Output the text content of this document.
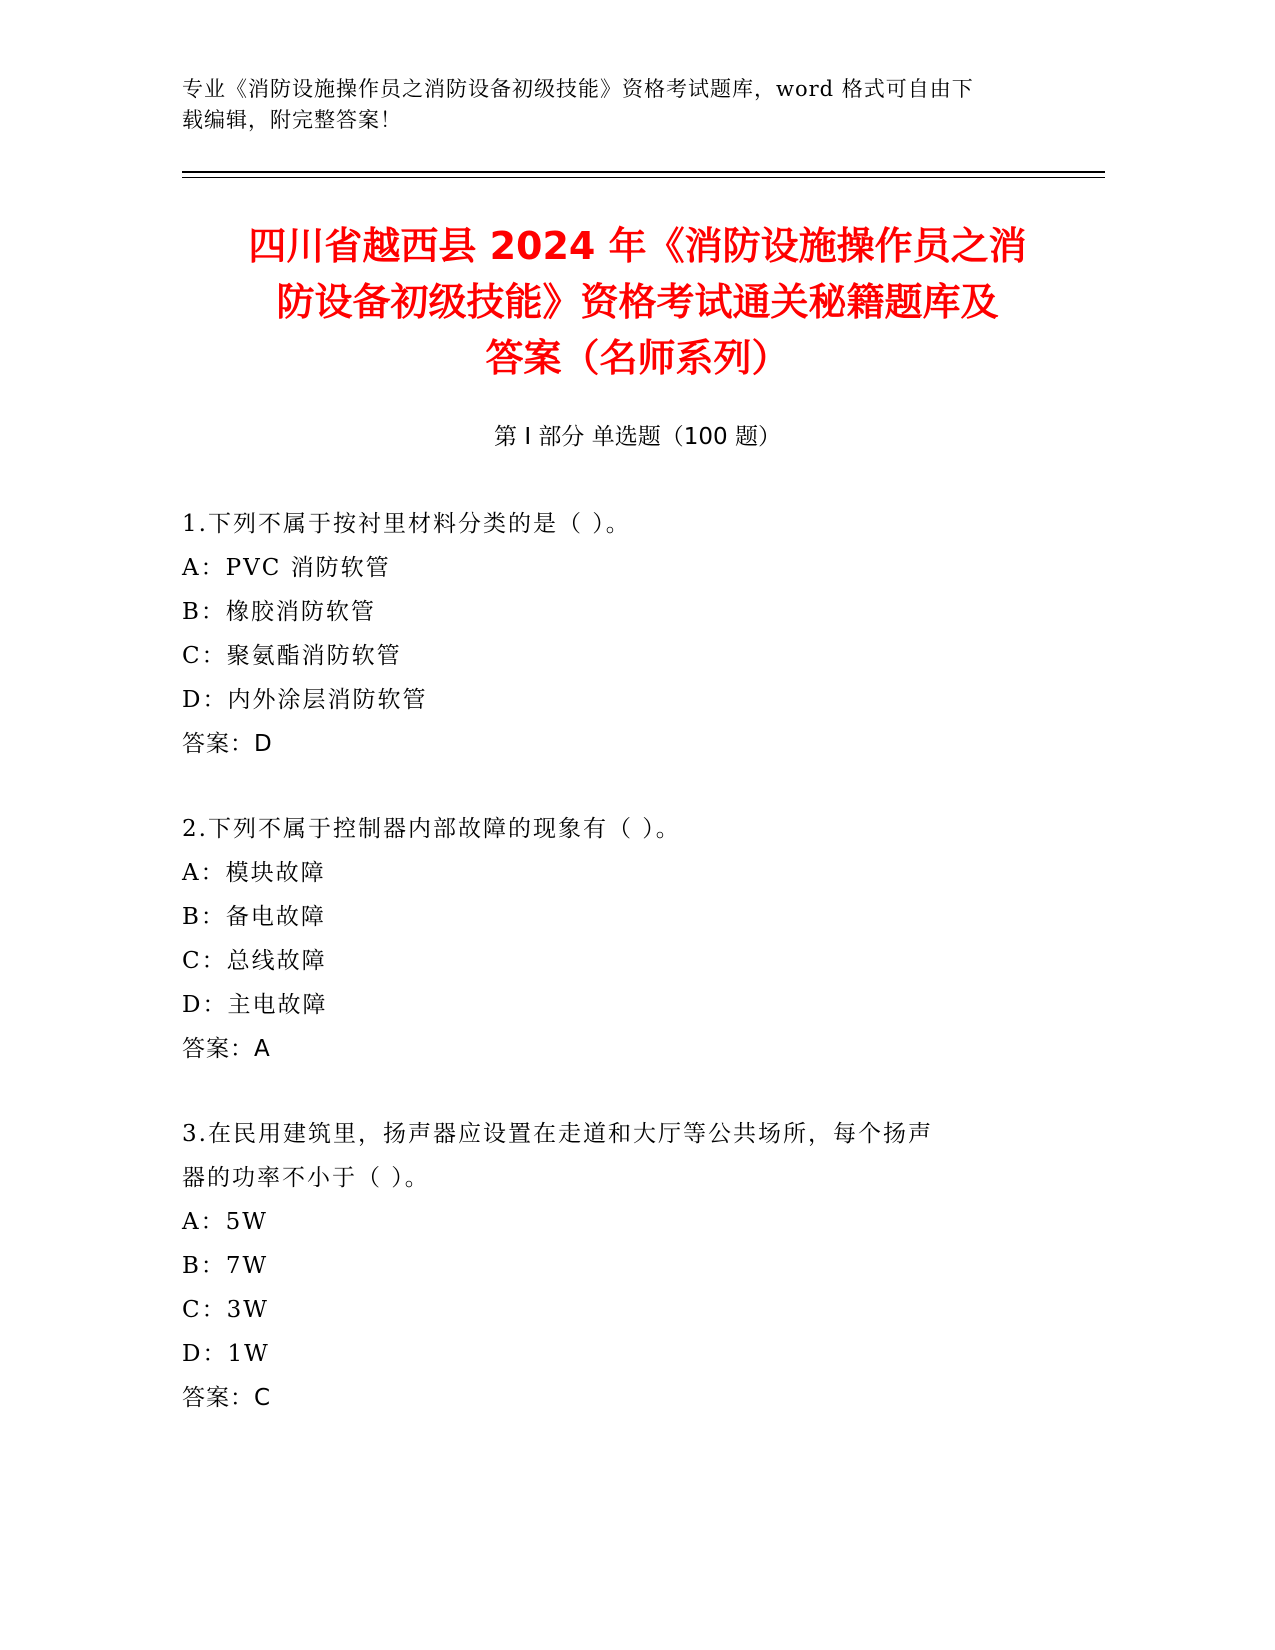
专业《消防设施操作员之消防设备初级技能》资格考试题库，word 格式可自由下
载编辑，附完整答案！
四川省越西县 2024 年《消防设施操作员之消
防设备初级技能》资格考试通关秘籍题库及
答案（名师系列）
第 I 部分 单选题（100 题）
1.下列不属于按衬里材料分类的是（ ）。
A：PVC 消防软管
B：橡胶消防软管
C：聚氨酯消防软管
D：内外涂层消防软管
答案：D
2.下列不属于控制器内部故障的现象有（ ）。
A：模块故障
B：备电故障
C：总线故障
D：主电故障
答案：A
3.在民用建筑里，扬声器应设置在走道和大厅等公共场所，每个扬声
器的功率不小于（ ）。
A：5W
B：7W
C：3W
D：1W
答案：C
